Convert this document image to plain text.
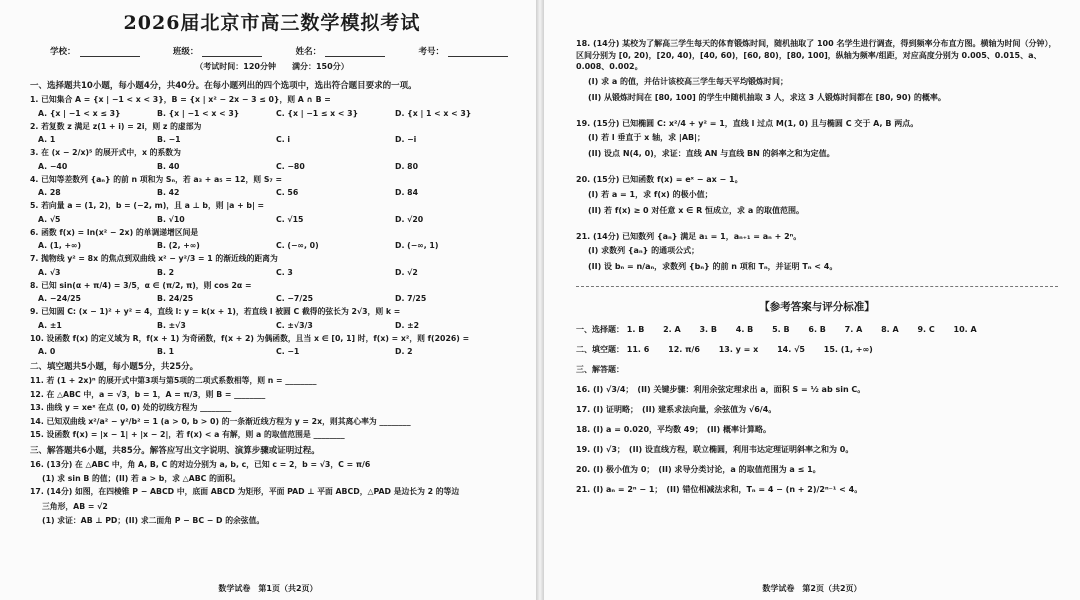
2026届北京市高三数学模拟考试
学校：	班级：	姓名：	考号：
（考试时间：120分钟　　满分：150分）
一、选择题共10小题，每小题4分，共40分。在每小题列出的四个选项中，选出符合题目要求的一项。
1. 已知集合 A = {x | −1 < x < 3}，B = {x | x² − 2x − 3 ≤ 0}，则 A ∩ B =
A. {x | −1 < x ≤ 3}	B. {x | −1 < x < 3}	C. {x | −1 ≤ x < 3}	D. {x | 1 < x < 3}
2. 若复数 z 满足 z(1 + i) = 2i，则 z 的虚部为
A. 1	B. −1	C. i	D. −i
3. 在 (x − 2/x)⁵ 的展开式中，x 的系数为
A. −40	B. 40	C. −80	D. 80
4. 已知等差数列 {aₙ} 的前 n 项和为 Sₙ，若 a₃ + a₅ = 12，则 S₇ =
A. 28	B. 42	C. 56	D. 84
5. 若向量 a = (1, 2)，b = (−2, m)，且 a ⊥ b，则 |a + b| =
A. √5	B. √10	C. √15	D. √20
6. 函数 f(x) = ln(x² − 2x) 的单调递增区间是
A. (1, +∞)	B. (2, +∞)	C. (−∞, 0)	D. (−∞, 1)
7. 抛物线 y² = 8x 的焦点到双曲线 x² − y²/3 = 1 的渐近线的距离为
A. √3	B. 2	C. 3	D. √2
8. 已知 sin(α + π/4) = 3/5，α ∈ (π/2, π)，则 cos 2α =
A. −24/25	B. 24/25	C. −7/25	D. 7/25
9. 已知圆 C: (x − 1)² + y² = 4，直线 l: y = k(x + 1)，若直线 l 被圆 C 截得的弦长为 2√3，则 k =
A. ±1	B. ±√3	C. ±√3/3	D. ±2
10. 设函数 f(x) 的定义域为 R，f(x + 1) 为奇函数，f(x + 2) 为偶函数，且当 x ∈ [0, 1] 时，f(x) = x²，则 f(2026) =
A. 0	B. 1	C. −1	D. 2
二、填空题共5小题，每小题5分，共25分。
11. 若 (1 + 2x)ⁿ 的展开式中第3项与第5项的二项式系数相等，则 n = ________
12. 在 △ABC 中，a = √3，b = 1，A = π/3，则 B = ________
13. 曲线 y = xeˣ 在点 (0, 0) 处的切线方程为 ________
14. 已知双曲线 x²/a² − y²/b² = 1 (a > 0, b > 0) 的一条渐近线方程为 y = 2x，则其离心率为 ________
15. 设函数 f(x) = |x − 1| + |x − 2|，若 f(x) < a 有解，则 a 的取值范围是 ________
三、解答题共6小题，共85分。解答应写出文字说明、演算步骤或证明过程。
16. (13分) 在 △ABC 中，角 A, B, C 的对边分别为 a, b, c，已知 c = 2，b = √3，C = π/6
(1) 求 sin B 的值；(II) 若 a > b，求 △ABC 的面积。
17. (14分) 如图，在四棱锥 P − ABCD 中，底面 ABCD 为矩形，平面 PAD ⊥ 平面 ABCD，△PAD 是边长为 2 的等边
三角形，AB = √2
(1) 求证：AB ⊥ PD；(II) 求二面角 P − BC − D 的余弦值。
数学试卷　第1页（共2页）
18. (14分) 某校为了解高三学生每天的体育锻炼时间，随机抽取了 100 名学生进行调查，得到频率分布直方图。横轴为时间（分钟），区间分别为 [0, 20)，[20, 40)，[40, 60)，[60, 80)，[80, 100]，纵轴为频率/组距，对应高度分别为 0.005、0.015、a、0.008、0.002。
(I) 求 a 的值，并估计该校高三学生每天平均锻炼时间；
(II) 从锻炼时间在 [80, 100] 的学生中随机抽取 3 人，求这 3 人锻炼时间都在 [80, 90) 的概率。
19. (15分) 已知椭圆 C: x²/4 + y² = 1，直线 l 过点 M(1, 0) 且与椭圆 C 交于 A, B 两点。
(I) 若 l 垂直于 x 轴，求 |AB|；
(II) 设点 N(4, 0)，求证：直线 AN 与直线 BN 的斜率之和为定值。
20. (15分) 已知函数 f(x) = eˣ − ax − 1。
(I) 若 a = 1，求 f(x) 的极小值；
(II) 若 f(x) ≥ 0 对任意 x ∈ R 恒成立，求 a 的取值范围。
21. (14分) 已知数列 {aₙ} 满足 a₁ = 1，aₙ₊₁ = aₙ + 2ⁿ。
(I) 求数列 {aₙ} 的通项公式；
(II) 设 bₙ = n/aₙ，求数列 {bₙ} 的前 n 项和 Tₙ，并证明 Tₙ < 4。
【参考答案与评分标准】
一、选择题： 1. B 2. A 3. B 4. B 5. B 6. B 7. A 8. A 9. C 10. A
二、填空题： 11. 6 12. π/6 13. y = x 14. √5 15. (1, +∞)
三、解答题：
16. (I) √3/4；　(II) 关键步骤：利用余弦定理求出 a，面积 S = ½ ab sin C。
17. (I) 证明略；　(II) 建系求法向量，余弦值为 √6/4。
18. (I) a = 0.020，平均数 49；　(II) 概率计算略。
19. (I) √3；　(II) 设直线方程，联立椭圆，利用韦达定理证明斜率之和为 0。
20. (I) 极小值为 0；　(II) 求导分类讨论，a 的取值范围为 a ≤ 1。
21. (I) aₙ = 2ⁿ − 1；　(II) 错位相减法求和，Tₙ = 4 − (n + 2)/2ⁿ⁻¹ < 4。
数学试卷　第2页（共2页）
